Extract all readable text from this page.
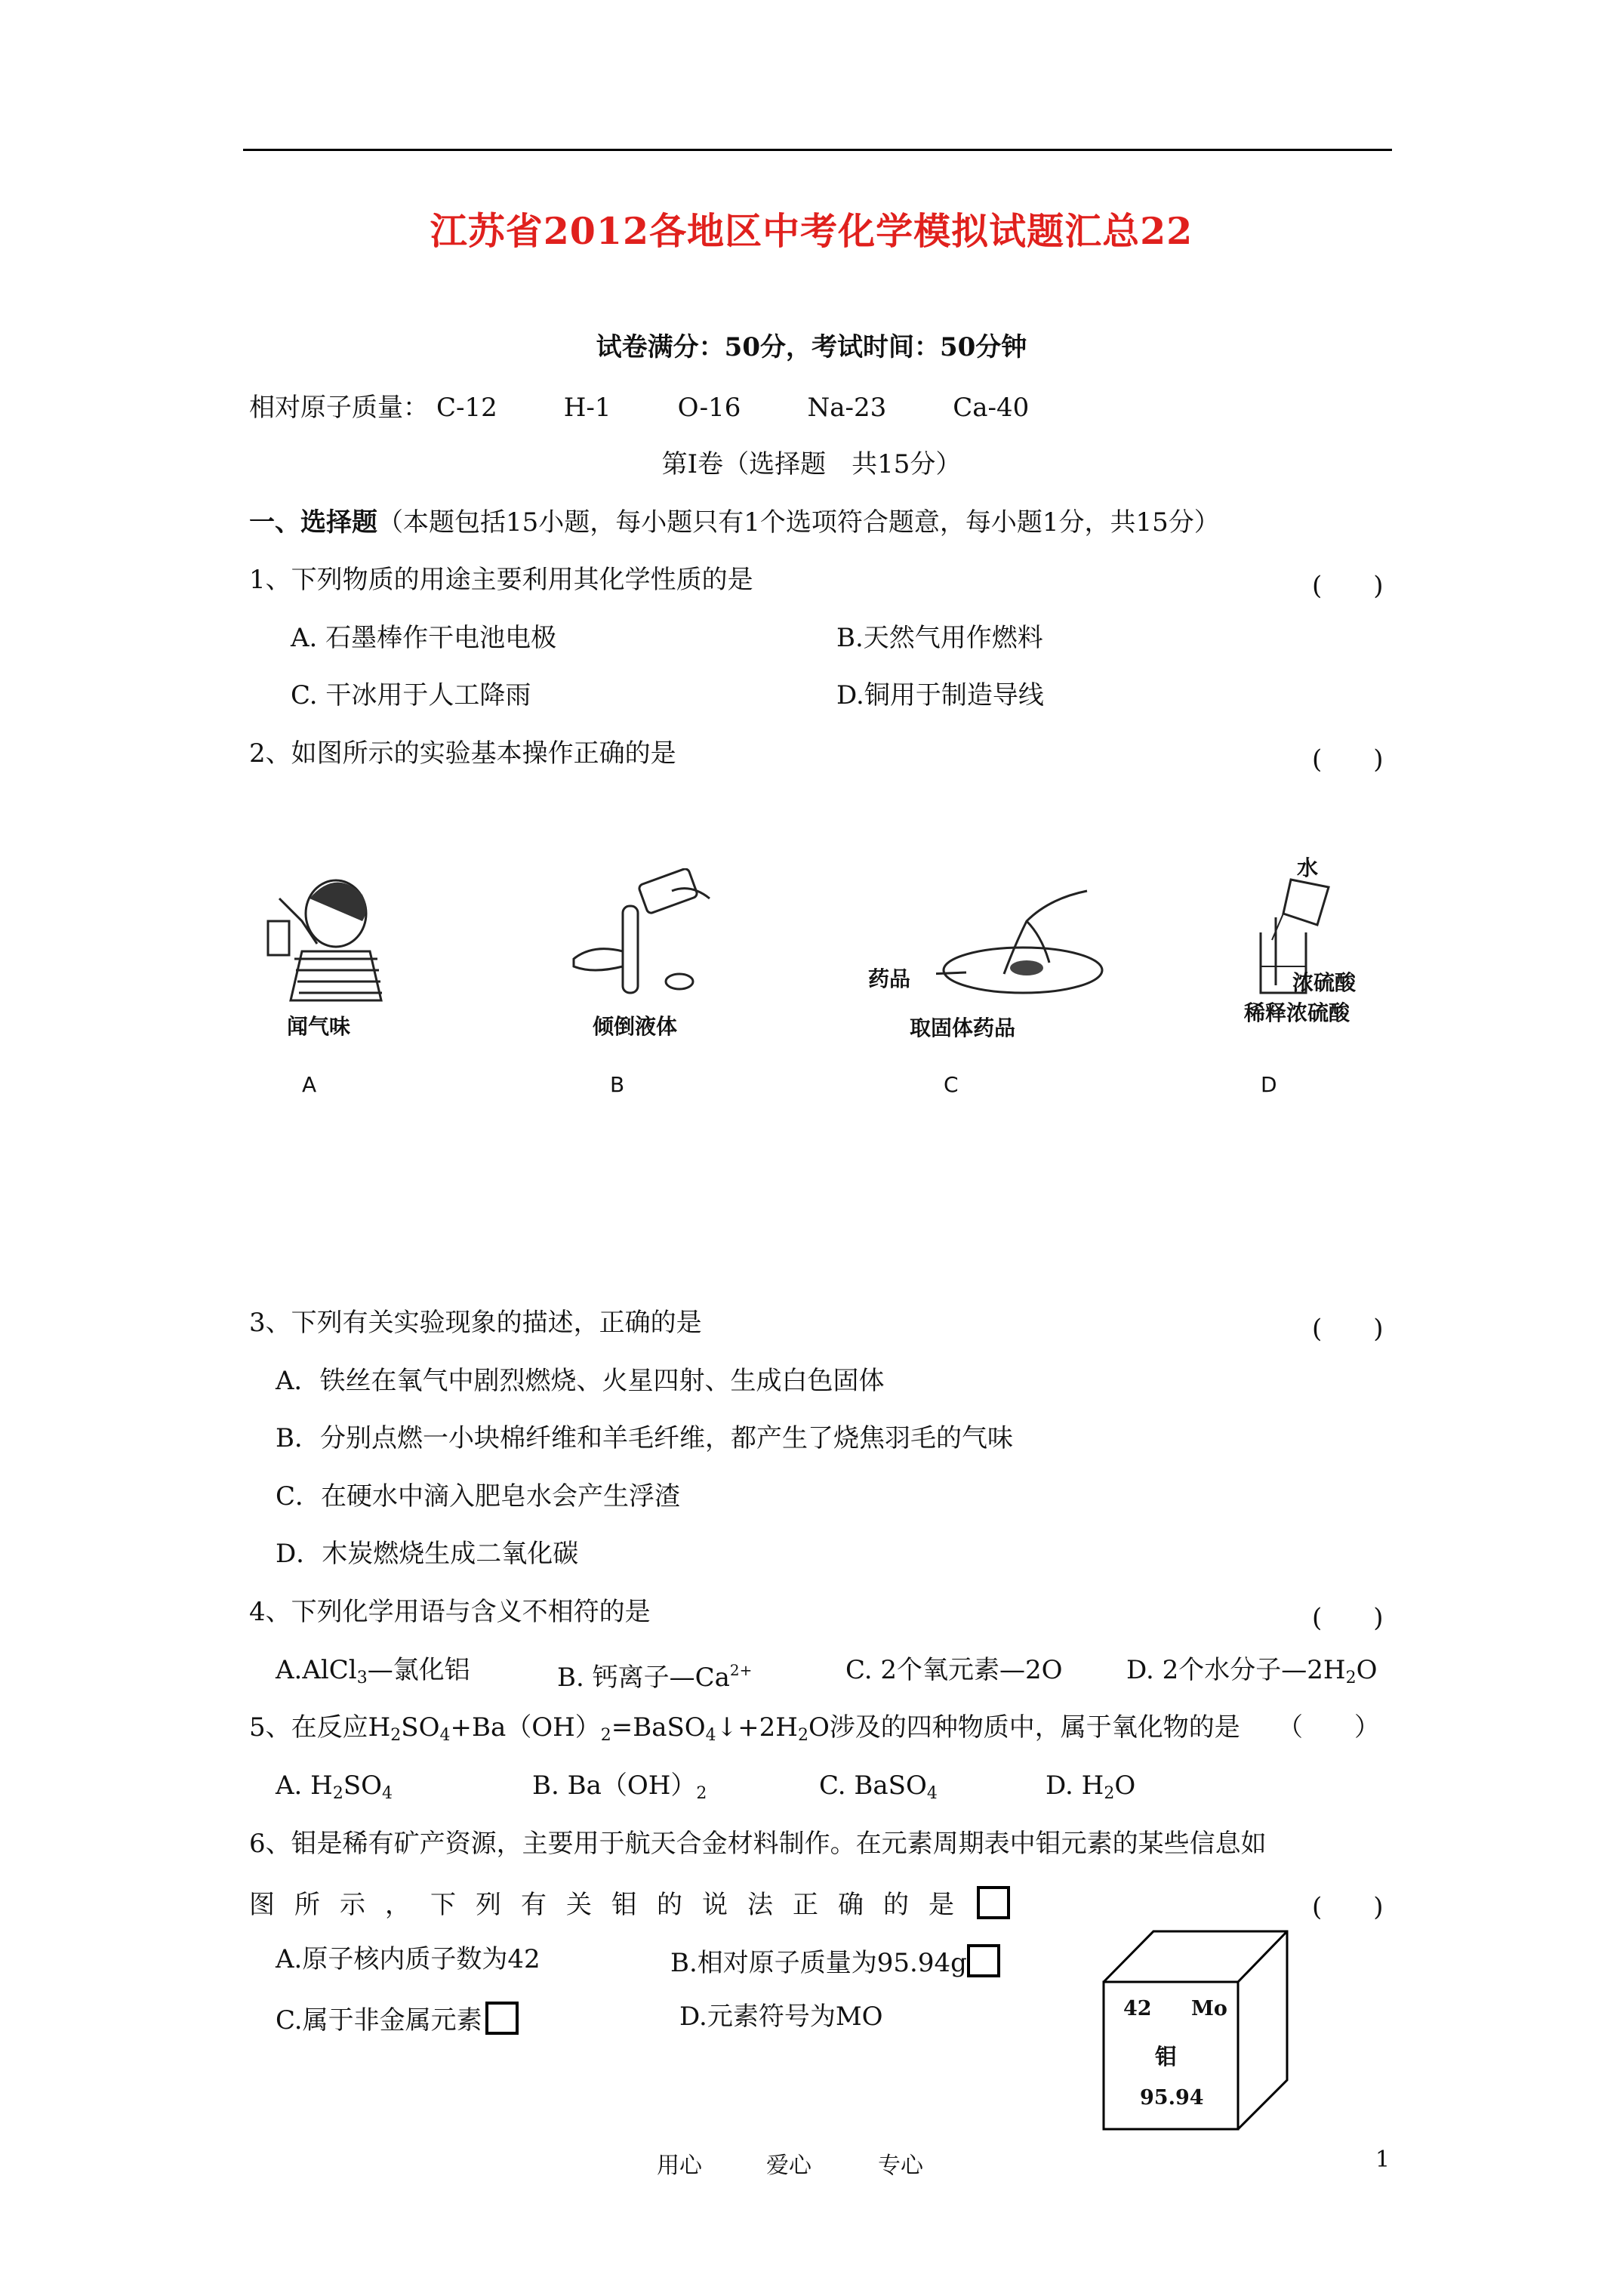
江苏省2012各地区中考化学模拟试题汇总22
试卷满分：50分，考试时间：50分钟
相对原子质量： C-12	H-1	O-16	Na-23	Ca-40
第Ⅰ卷（选择题　共15分）
一、选择题（本题包括15小题，每小题只有1个选项符合题意，每小题1分，共15分）
1、下列物质的用途主要利用其化学性质的是	(　　)
A. 石墨棒作干电池电极	B.天然气用作燃料
C. 干冰用于人工降雨	D.铜用于制造导线
2、如图所示的实验基本操作正确的是	(　　)
闻气味
A
倾倒液体
B
药品
取固体药品
C
水
浓硫酸
稀释浓硫酸
D
3、下列有关实验现象的描述，正确的是	(　　)
A．铁丝在氧气中剧烈燃烧、火星四射、生成白色固体
B．分别点燃一小块棉纤维和羊毛纤维，都产生了烧焦羽毛的气味
C．在硬水中滴入肥皂水会产生浮渣
D．木炭燃烧生成二氧化碳
4、下列化学用语与含义不相符的是	(　　)
A.AlCl$_3$—氯化铝	B. 钙离子$—Ca^{2+}$	C. 2个氧元素—2O D. 2个水分子$—2H_2O$
5、在反应$H_2SO_4+Ba(OH)_2=BaSO_4↓+2H_2O$涉及的四种物质中，属于氧化物的是 （　　）
A. $H_2SO_4$	B. $Ba(OH)_2$	C. BaSO$_4$	D. $H_2O$
6、钼是稀有矿产资源，主要用于航天合金材料制作。在元素周期表中钼元素的某些信息如
图所示，下列有关钼的说法正确的是	(　　)
A.原子核内质子数为42	B.相对原子质量为95.94g
C.属于非金属元素	D.元素符号为MO	42 Mo
钼
95.94
用心	爱心	专心	1
